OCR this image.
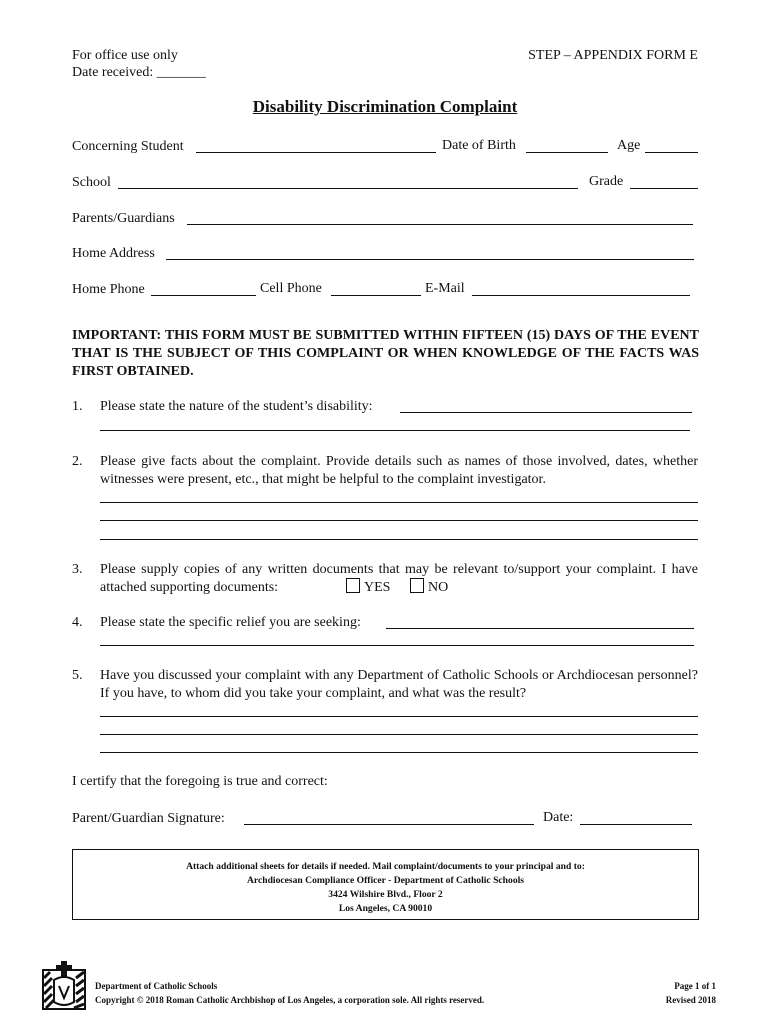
For office use only
Date received: _______
STEP – APPENDIX FORM E
Disability Discrimination Complaint
Concerning Student	Date of Birth	Age
School	Grade
Parents/Guardians
Home Address
Home Phone	Cell Phone	E-Mail
IMPORTANT: THIS FORM MUST BE SUBMITTED WITHIN FIFTEEN (15) DAYS OF THE EVENT THAT IS THE SUBJECT OF THIS COMPLAINT OR WHEN KNOWLEDGE OF THE FACTS WAS FIRST OBTAINED.
1. Please state the nature of the student’s disability:
2. Please give facts about the complaint. Provide details such as names of those involved, dates, whether witnesses were present, etc., that might be helpful to the complaint investigator.
3. Please supply copies of any written documents that may be relevant to/support your complaint. I have attached supporting documents:	YES	NO
4. Please state the specific relief you are seeking:
5. Have you discussed your complaint with any Department of Catholic Schools or Archdiocesan personnel? If you have, to whom did you take your complaint, and what was the result?
I certify that the foregoing is true and correct:
Parent/Guardian Signature:	Date:
Attach additional sheets for details if needed. Mail complaint/documents to your principal and to:
Archdiocesan Compliance Officer - Department of Catholic Schools
3424 Wilshire Blvd., Floor 2
Los Angeles, CA 90010
Department of Catholic Schools
Copyright © 2018 Roman Catholic Archbishop of Los Angeles, a corporation sole. All rights reserved.
Page 1 of 1
Revised 2018
